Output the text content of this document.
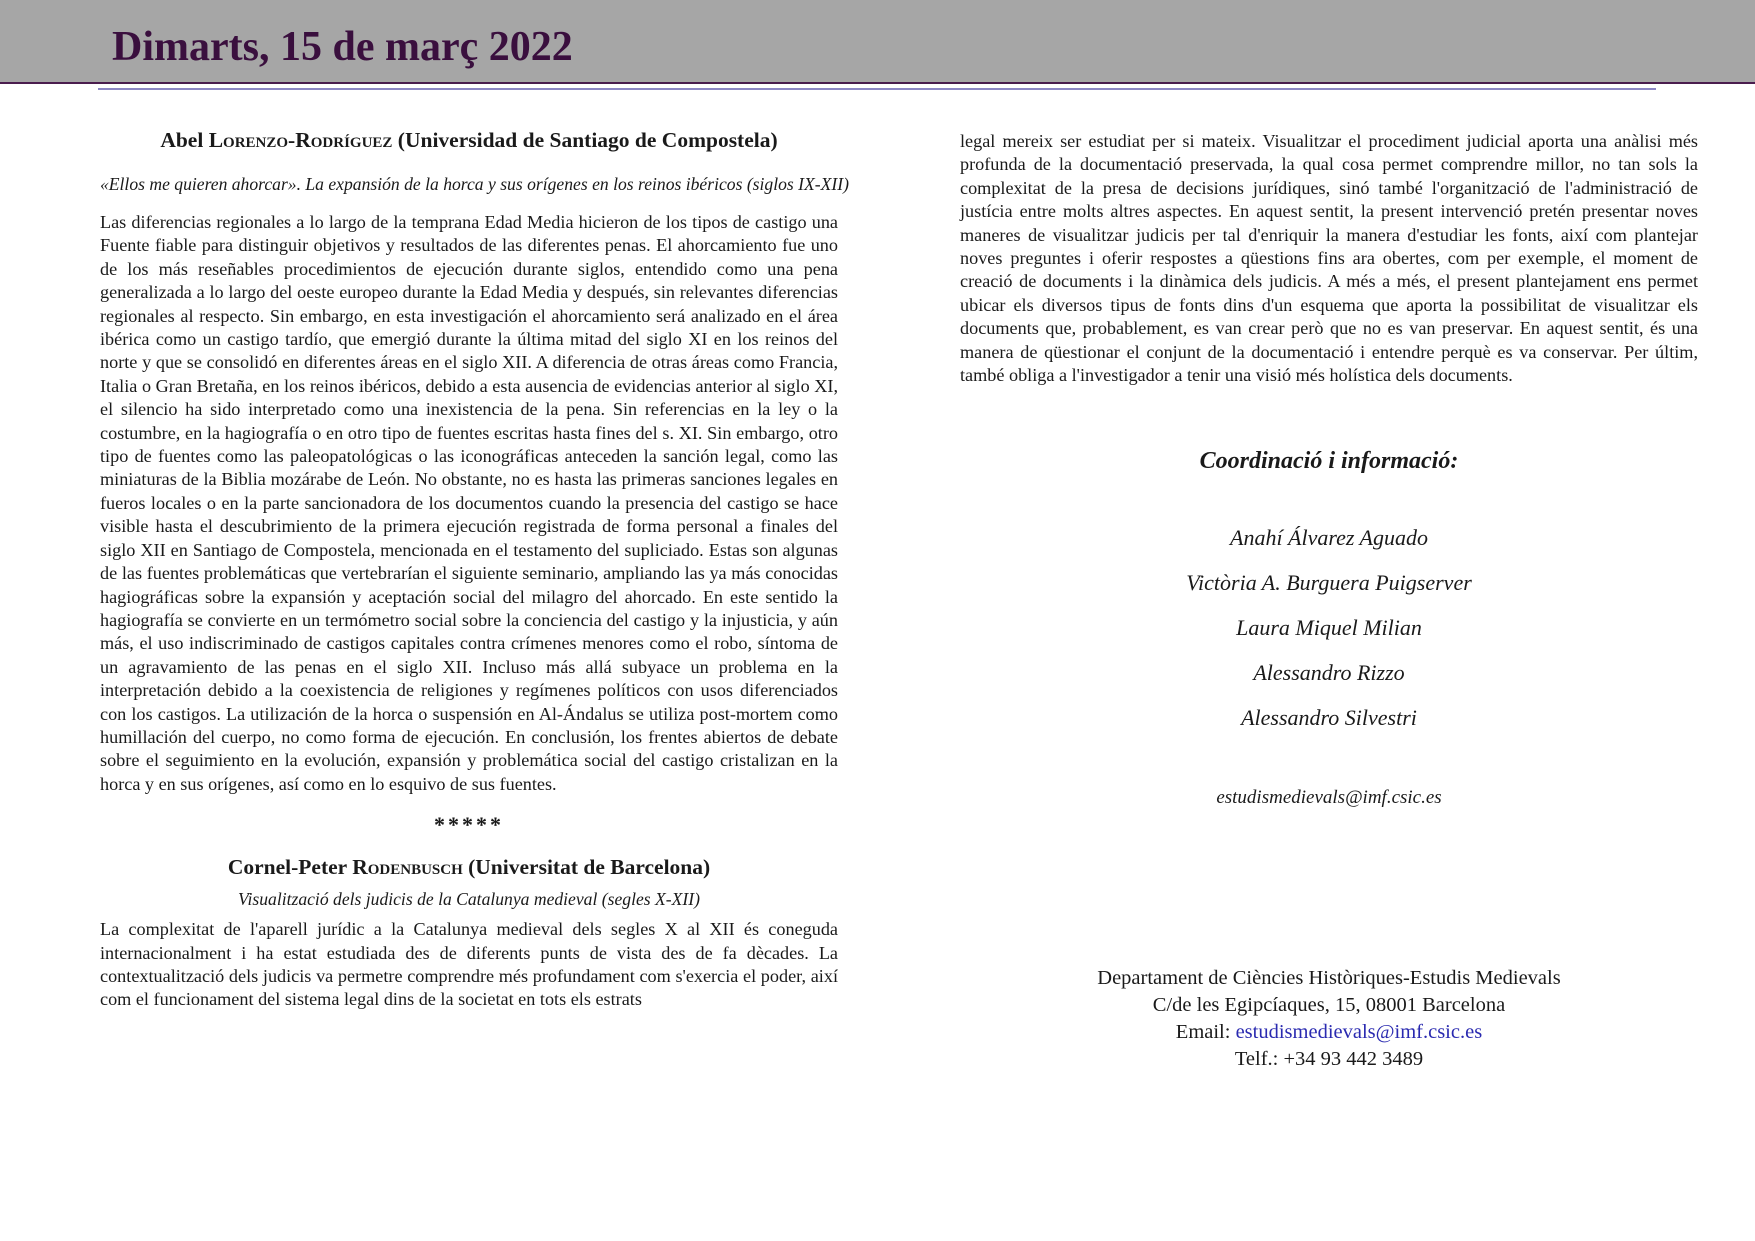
Dimarts, 15 de març 2022
Abel Lorenzo-Rodríguez (Universidad de Santiago de Compostela)
«Ellos me quieren ahorcar». La expansión de la horca y sus orígenes en los reinos ibéricos (siglos IX-XII)

Las diferencias regionales a lo largo de la temprana Edad Media hicieron de los tipos de castigo una Fuente fiable para distinguir objetivos y resultados de las diferentes penas. El ahorcamiento fue uno de los más reseñables procedimientos de ejecución durante siglos, entendido como una pena generalizada a lo largo del oeste europeo durante la Edad Media y después, sin relevantes diferencias regionales al respecto. Sin embargo, en esta investigación el ahorcamiento será analizado en el área ibérica como un castigo tardío, que emergió durante la última mitad del siglo XI en los reinos del norte y que se consolidó en diferentes áreas en el siglo XII. A diferencia de otras áreas como Francia, Italia o Gran Bretaña, en los reinos ibéricos, debido a esta ausencia de evidencias anterior al siglo XI, el silencio ha sido interpretado como una inexistencia de la pena. Sin referencias en la ley o la costumbre, en la hagiografía o en otro tipo de fuentes escritas hasta fines del s. XI. Sin embargo, otro tipo de fuentes como las paleopatológicas o las iconográficas anteceden la sanción legal, como las miniaturas de la Biblia mozárabe de León. No obstante, no es hasta las primeras sanciones legales en fueros locales o en la parte sancionadora de los documentos cuando la presencia del castigo se hace visible hasta el descubrimiento de la primera ejecución registrada de forma personal a finales del siglo XII en Santiago de Compostela, mencionada en el testamento del supliciado. Estas son algunas de las fuentes problemáticas que vertebrarían el siguiente seminario, ampliando las ya más conocidas hagiográficas sobre la expansión y aceptación social del milagro del ahorcado. En este sentido la hagiografía se convierte en un termómetro social sobre la conciencia del castigo y la injusticia, y aún más, el uso indiscriminado de castigos capitales contra crímenes menores como el robo, síntoma de un agravamiento de las penas en el siglo XII. Incluso más allá subyace un problema en la interpretación debido a la coexistencia de religiones y regímenes políticos con usos diferenciados con los castigos. La utilización de la horca o suspensión en Al-Ándalus se utiliza post-mortem como humillación del cuerpo, no como forma de ejecución. En conclusión, los frentes abiertos de debate sobre el seguimiento en la evolución, expansión y problemática social del castigo cristalizan en la horca y en sus orígenes, así como en lo esquivo de sus fuentes.

*****
Cornel-Peter Rodenbusch (Universitat de Barcelona)
Visualització dels judicis de la Catalunya medieval (segles X-XII)

La complexitat de l'aparell jurídic a la Catalunya medieval dels segles X al XII és coneguda internacionalment i ha estat estudiada des de diferents punts de vista des de fa dècades. La contextualització dels judicis va permetre comprendre més profundament com s'exercia el poder, així com el funcionament del sistema legal dins de la societat en tots els estrats

legal mereix ser estudiat per si mateix. Visualitzar el procediment judicial aporta una anàlisi més profunda de la documentació preservada, la qual cosa permet comprendre millor, no tan sols la complexitat de la presa de decisions jurídiques, sinó també l'organització de l'administració de justícia entre molts altres aspectes. En aquest sentit, la present intervenció pretén presentar noves maneres de visualitzar judicis per tal d'enriquir la manera d'estudiar les fonts, així com plantejar noves preguntes i oferir respostes a qüestions fins ara obertes, com per exemple, el moment de creació de documents i la dinàmica dels judicis. A més a més, el present plantejament ens permet ubicar els diversos tipus de fonts dins d'un esquema que aporta la possibilitat de visualitzar els documents que, probablement, es van crear però que no es van preservar. En aquest sentit, és una manera de qüestionar el conjunt de la documentació i entendre perquè es va conservar. Per últim, també obliga a l'investigador a tenir una visió més holística dels documents.

Coordinació i informació:
Anahí Álvarez Aguado
Victòria A. Burguera Puigserver
Laura Miquel Milian
Alessandro Rizzo
Alessandro Silvestri
estudismedievals@imf.csic.es
Departament de Ciències Històriques-Estudis Medievals
C/de les Egipcíaques, 15, 08001 Barcelona
Email: estudismedievals@imf.csic.es
Telf.: +34 93 442 3489
